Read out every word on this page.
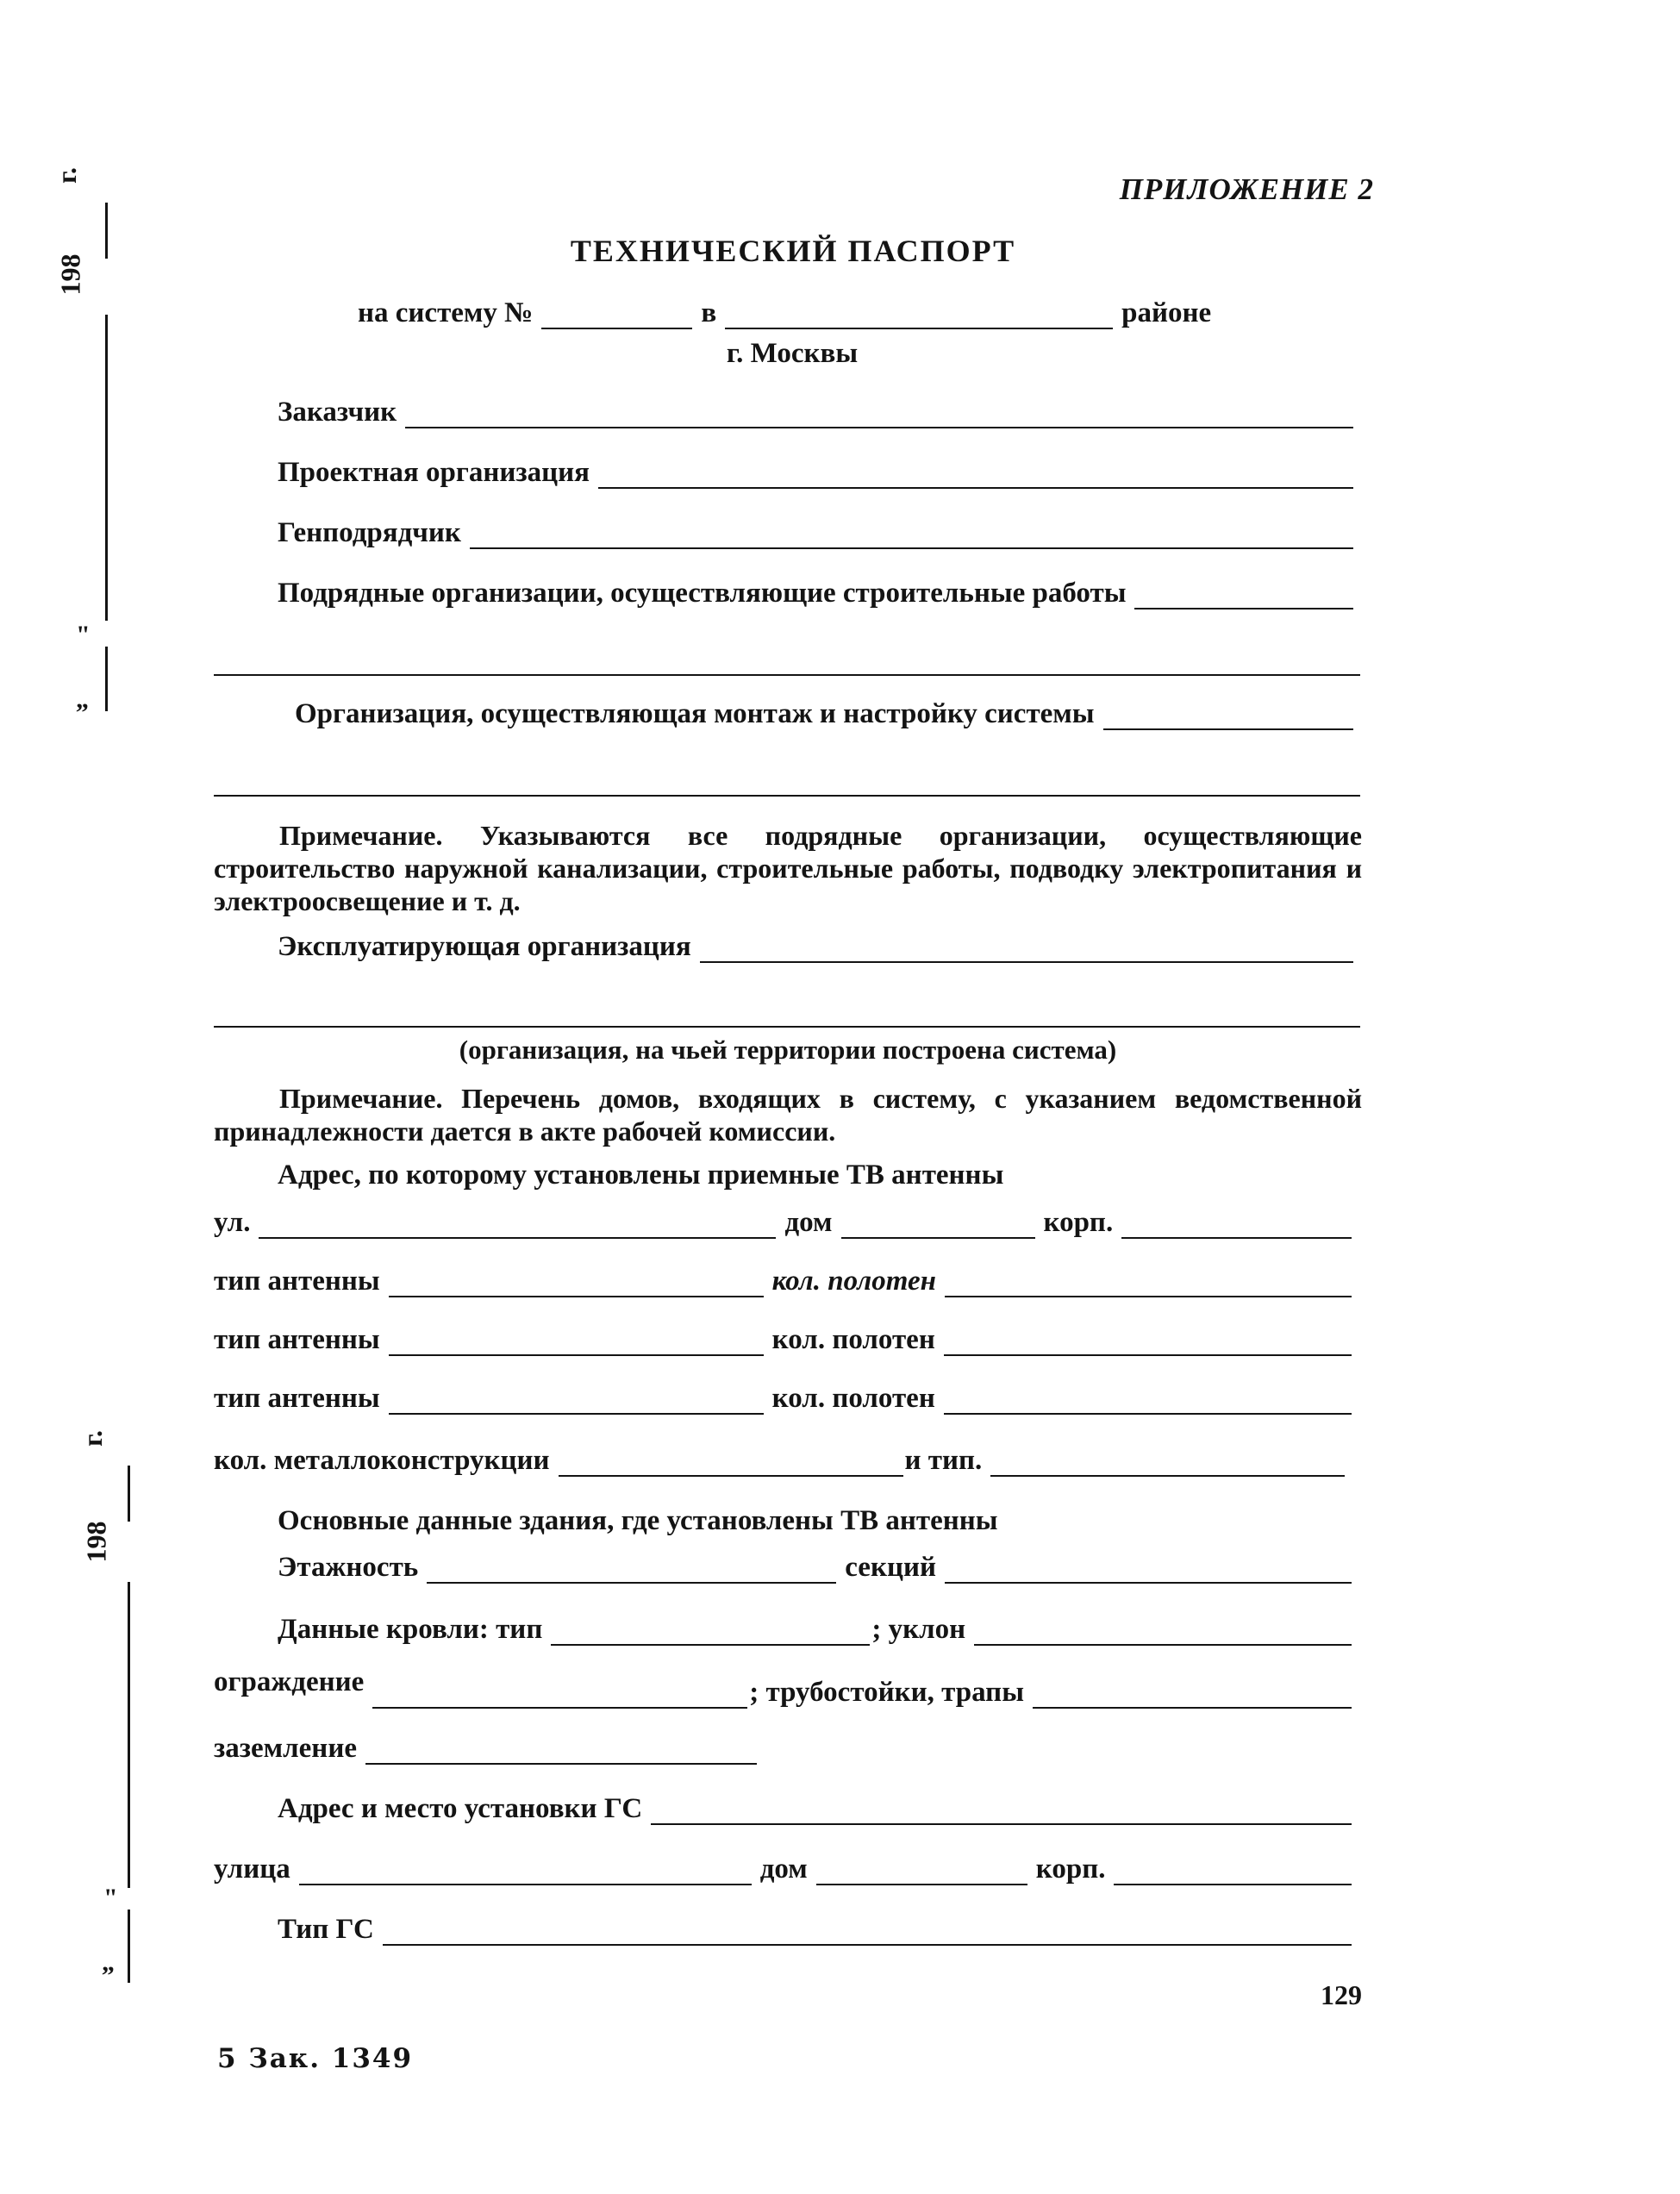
г.
198
"
„
г.
198
"
„
ПРИЛОЖЕНИЕ 2
ТЕХНИЧЕСКИЙ ПАСПОРТ
на систему №	в	районе
г. Москвы
Заказчик
Проектная организация
Генподрядчик
Подрядные организации, осуществляющие строительные работы
Организация, осуществляющая монтаж и настройку системы
Примечание. Указываются все подрядные организации, осуществляющие строительство наружной канализации, строительные работы, подводку электропитания и электроосвещение и т. д.
Эксплуатирующая организация
(организация, на чьей территории построена система)
Примечание. Перечень домов, входящих в систему, с указанием ведомственной принадлежности дается в акте рабочей комиссии.
Адрес, по которому установлены приемные ТВ антенны
ул.	дом	корп.
тип антенны	кол. полотен
тип антенны	кол. полотен
тип антенны	кол. полотен
кол. металлоконструкции	и тип.
Основные данные здания, где установлены ТВ антенны
Этажность	секций
Данные кровли: тип	; уклон
ограждение	; трубостойки, трапы
заземление
Адрес и место установки ГС
улица	дом	корп.
Тип ГС
129
5 Зак. 1349
